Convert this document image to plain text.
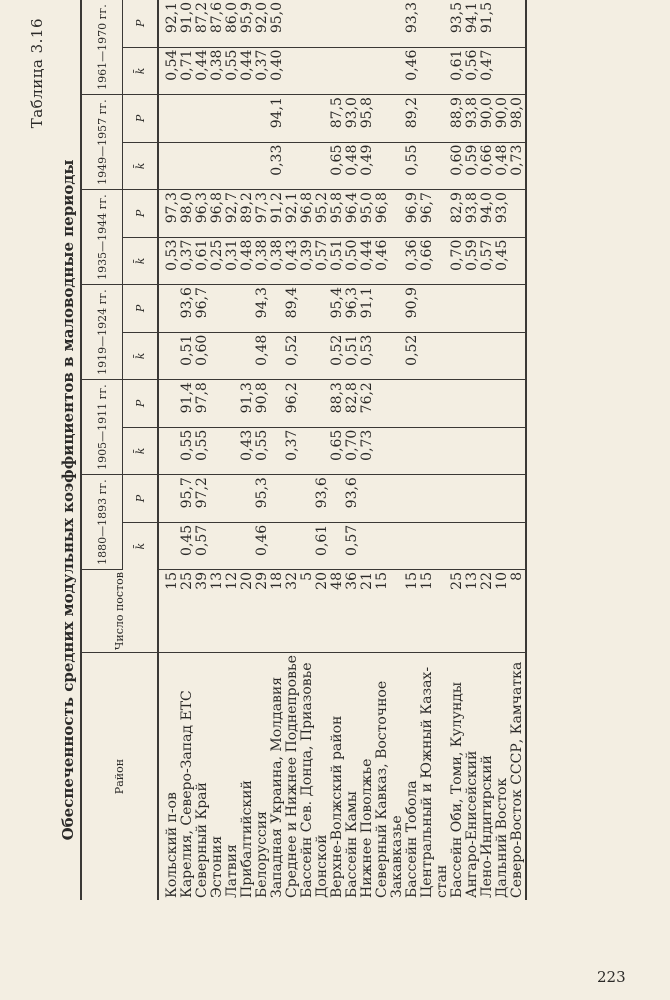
Таблица 3.16
Обеспеченность средних модульных коэффициентов в маловодные периоды	Район	Число постов	1880—1893 гг.		1905—1911 гг.		1919—1924 гг.		1935—1944 гг.		1949—1957 гг.		1961—1970 гг.	
		k̄	P	k̄	P	k̄	P	k̄	P	k̄	P	k̄	P
Кольский п-ов	15							0,53	97,3			0,54	92,1
Карелия, Северо-Запад ЕТС	25	0,45	95,7	0,55	91,4	0,51	93,6	0,37	98,0			0,71	91,0
Северный Край	39	0,57	97,2	0,55	97,8	0,60	96,7	0,61	96,3			0,44	87,2
Эстония	13							0,25	96,8			0,38	87,6
Латвия	12							0,31	92,7			0,55	86,0
Прибалтийский	20			0,43	91,3			0,48	89,2			0,44	95,9
Белоруссия	29	0,46	95,3	0,55	90,8	0,48	94,3	0,38	97,3			0,37	92,0
Западная Украина, Молдавия	18							0,38	91,2	0,33	94,1	0,40	95,0
Среднее и Нижнее Поднепровье	32			0,37	96,2	0,52	89,4	0,43	92,1				
Бассейн Сев. Донца, Приазовье	5							0,39	96,8				
Донской	20	0,61	93,6					0,57	95,2				
Верхне-Волжский район	48			0,65	88,3	0,52	95,4	0,51	95,8	0,65	87,5		
Бассейн Камы	36	0,57	93,6	0,70	82,8	0,51	96,3	0,50	96,4	0,48	93,0		
Нижнее Поволжье	21			0,73	76,2	0,53	91,1	0,44	95,0	0,49	95,8		
Северный Кавказ, Восточное	15							0,46	96,8				
Закавказье													
Бассейн Тобола	15					0,52	90,9	0,36	96,9	0,55	89,2	0,46	93,3
Центральный и Южный Казах-	15							0,66	96,7				
стан													
Бассейн Оби, Томи, Кулунды	25							0,70	82,9	0,60	88,9	0,61	93,5
Ангаро-Енисейский	13							0,59	93,8	0,59	93,8	0,56	94,1
Лено-Индигирский	22							0,57	94,0	0,66	90,0	0,47	91,5
Дальний Восток	10							0,45	93,0	0,48	90,0		
Северо-Восток СССР, Камчатка	8									0,73	98,0		
223
